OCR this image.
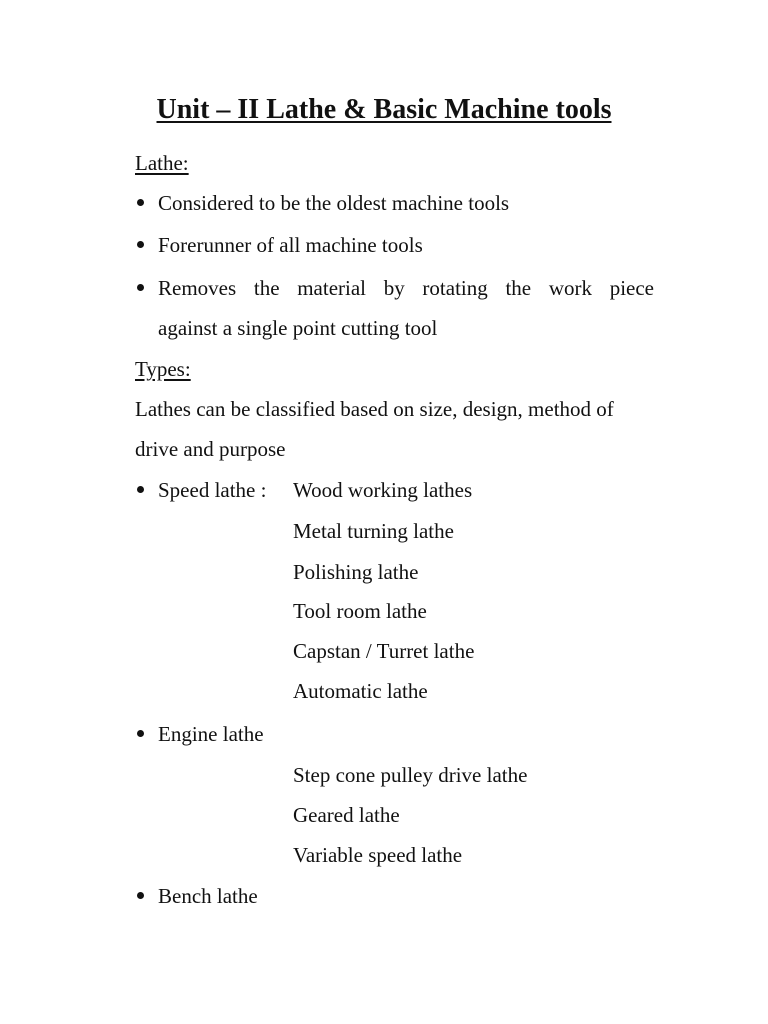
Unit – II Lathe & Basic Machine tools
Lathe:
Considered to be the oldest machine tools
Forerunner of all machine tools
Removes the material by rotating the work piece
against a single point cutting tool
Types:
Lathes can be classified based on size, design, method of
drive and purpose
Speed lathe : Wood working lathes
Metal turning lathe
Polishing lathe
Tool room lathe
Capstan / Turret lathe
Automatic lathe
Engine lathe
Step cone pulley drive lathe
Geared lathe
Variable speed lathe
Bench lathe
